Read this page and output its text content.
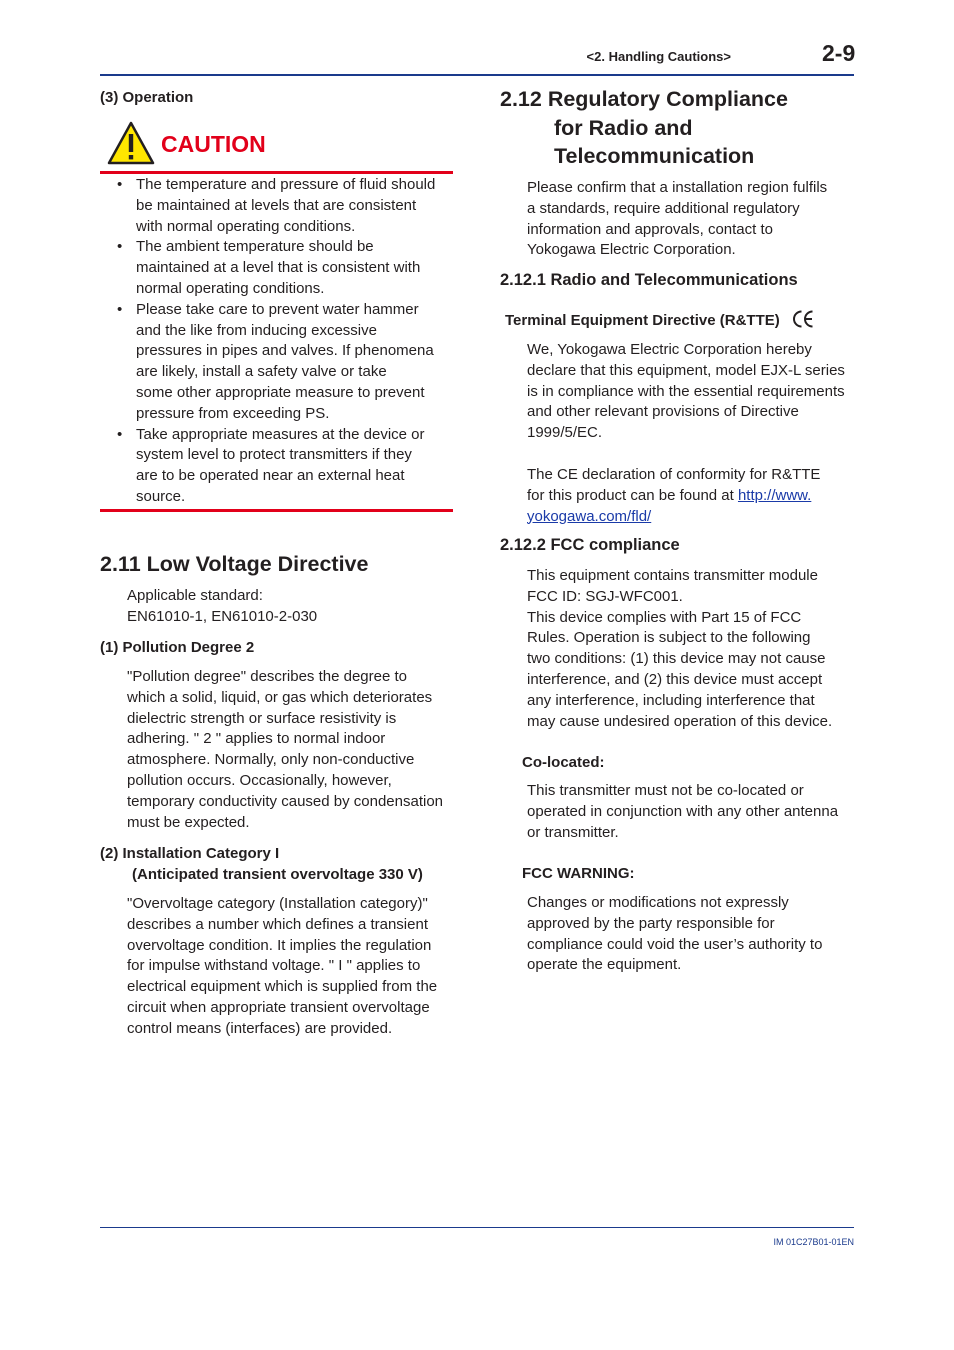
<2. Handling Cautions>	2-9
(3) Operation
CAUTION
• The temperature and pressure of fluid should
be maintained at levels that are consistent
with normal operating conditions.
• The ambient temperature should be
maintained at a level that is consistent with
normal operating conditions.
• Please take care to prevent water hammer
and the like from inducing excessive
pressures in pipes and valves. If phenomena
are likely, install a safety valve or take
some other appropriate measure to prevent
pressure from exceeding PS.
• Take appropriate measures at the device or
system level to protect transmitters if they
are to be operated near an external heat
source.
2.11 Low Voltage Directive

Applicable standard:

EN61010-1, EN61010-2-030

(1) Pollution Degree 2

"Pollution degree" describes the degree to

which a solid, liquid, or gas which deteriorates

dielectric strength or surface resistivity is

adhering. " 2 " applies to normal indoor

atmosphere. Normally, only non-conductive

pollution occurs. Occasionally, however,

temporary conductivity caused by condensation

must be expected.

(2) Installation Category I
(Anticipated transient overvoltage 330 V)

"Overvoltage category (Installation category)"

describes a number which defines a transient

overvoltage condition. It implies the regulation

for impulse withstand voltage. " I " applies to

electrical equipment which is supplied from the

circuit when appropriate transient overvoltage

control means (interfaces) are provided.

2.12 Regulatory Compliance
for Radio and
Telecommunication

Please confirm that a installation region fulfils

a standards, require additional regulatory

information and approvals, contact to

Yokogawa Electric Corporation.

2.12.1 Radio and Telecommunications
Terminal Equipment Directive (R&TTE)

We, Yokogawa Electric Corporation hereby

declare that this equipment, model EJX-L series

is in compliance with the essential requirements

and other relevant provisions of Directive

1999/5/EC.

The CE declaration of conformity for R&TTE

for this product can be found at http://www.

yokogawa.com/fld/

2.12.2 FCC compliance

This equipment contains transmitter module

FCC ID: SGJ-WFC001.

This device complies with Part 15 of FCC

Rules. Operation is subject to the following

two conditions: (1) this device may not cause

interference, and (2) this device must accept

any interference, including interference that

may cause undesired operation of this device.

Co-located:

This transmitter must not be co-located or

operated in conjunction with any other antenna

or transmitter.

FCC WARNING:

Changes or modifications not expressly

approved by the party responsible for

compliance could void the user’s authority to

operate the equipment.

IM 01C27B01-01EN
